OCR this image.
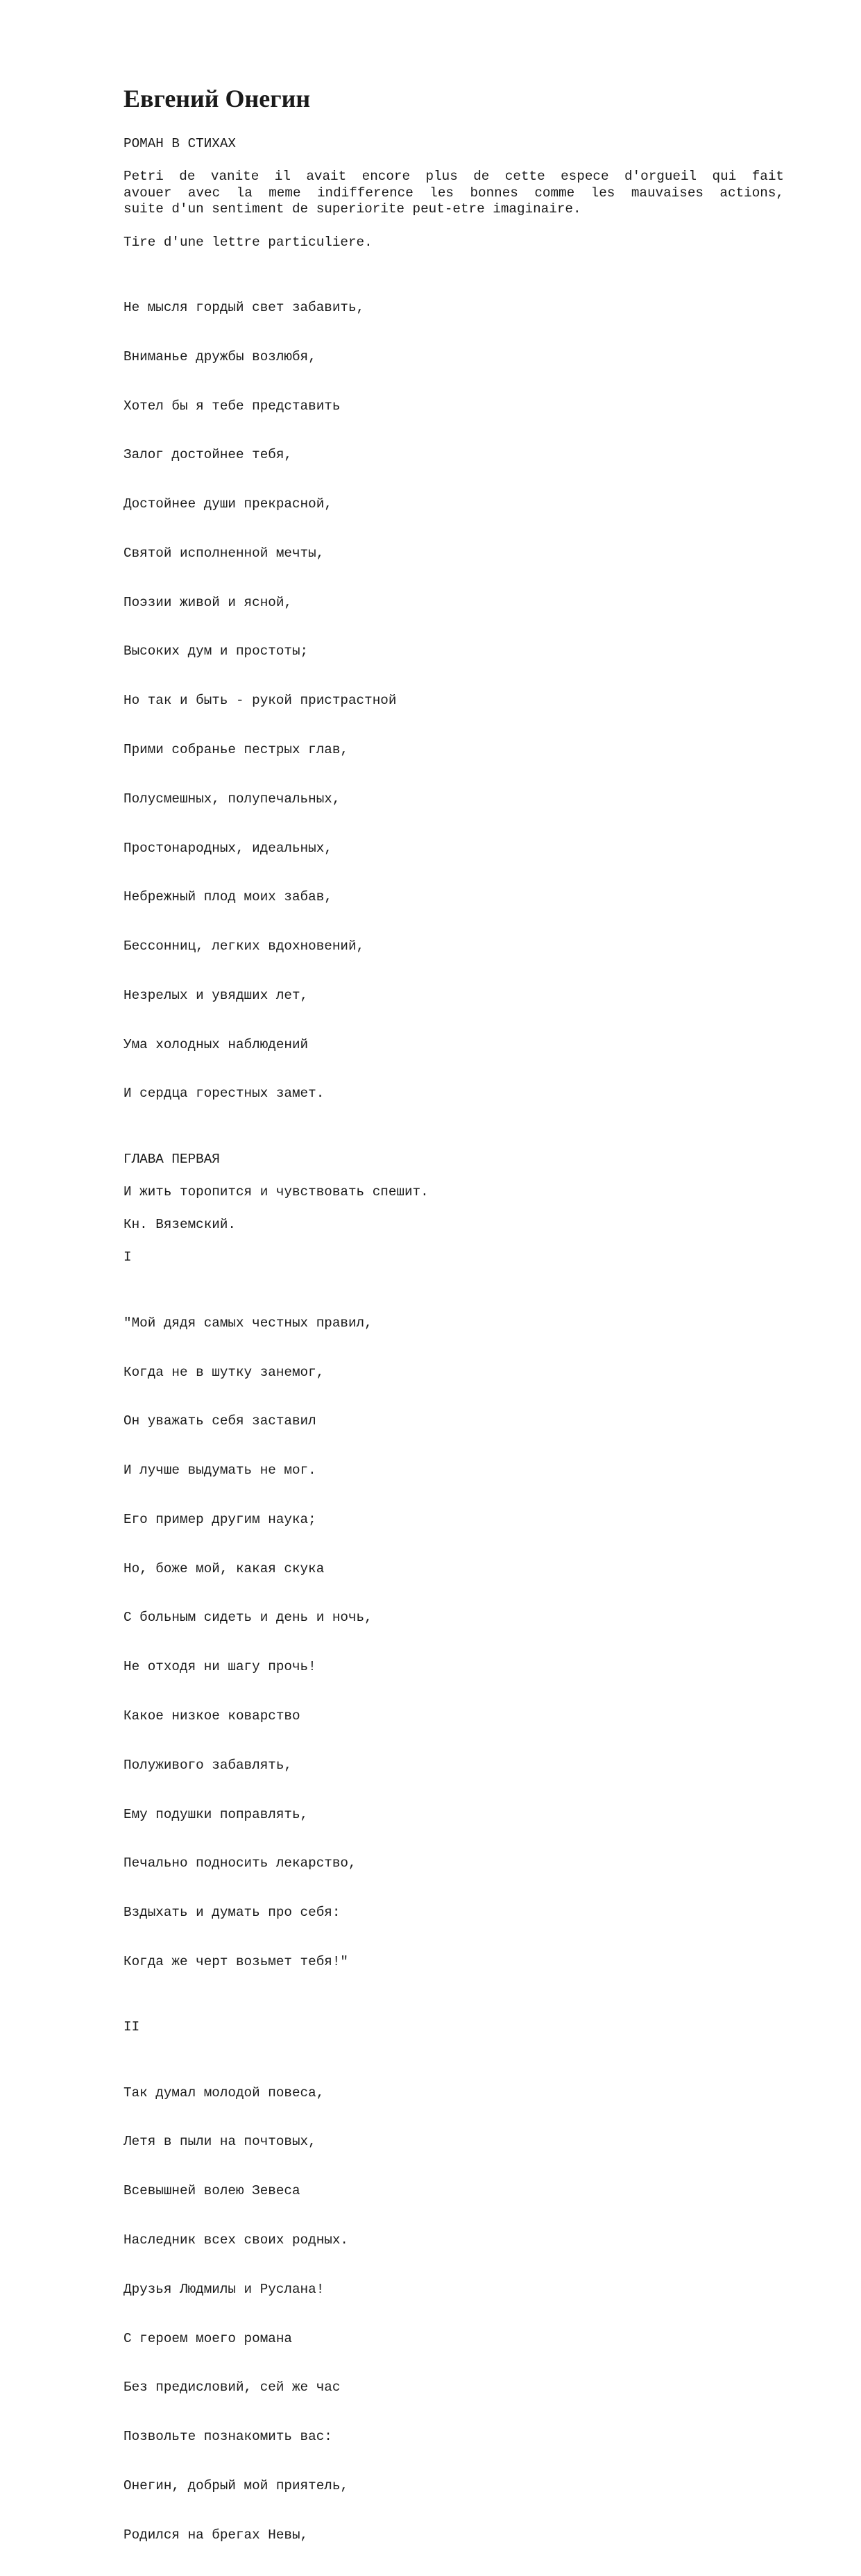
Евгений Онегин

РОМАН В СТИХАХ

Petri de vanite il avait encore plus de cette espece d'orgueil qui fait
avouer avec la meme indifference les bonnes comme les mauvaises actions,
suite d'un sentiment de superiorite peut-etre imaginaire.

Tire d'une lettre particuliere.

Не мысля гордый свет забавить,

Вниманье дружбы возлюбя,

Хотел бы я тебе представить

Залог достойнее тебя,

Достойнее души прекрасной,

Святой исполненной мечты,

Поэзии живой и ясной,

Высоких дум и простоты;

Но так и быть - рукой пристрастной

Прими собранье пестрых глав,

Полусмешных, полупечальных,

Простонародных, идеальных,

Небрежный плод моих забав,

Бессонниц, легких вдохновений,

Незрелых и увядших лет,

Ума холодных наблюдений

И сердца горестных замет.

ГЛАВА ПЕРВАЯ

И жить торопится и чувствовать спешит.

Кн. Вяземский.

I

"Мой дядя самых честных правил,

Когда не в шутку занемог,

Он уважать себя заставил

И лучше выдумать не мог.

Его пример другим наука;

Но, боже мой, какая скука

С больным сидеть и день и ночь,

Не отходя ни шагу прочь!

Какое низкое коварство

Полуживого забавлять,

Ему подушки поправлять,

Печально подносить лекарство,

Вздыхать и думать про себя:

Когда же черт возьмет тебя!"

II

Так думал молодой повеса,

Летя в пыли на почтовых,

Всевышней волею Зевеса

Наследник всех своих родных.

Друзья Людмилы и Руслана!

С героем моего романа

Без предисловий, сей же час

Позвольте познакомить вас:

Онегин, добрый мой приятель,

Родился на брегах Невы,
